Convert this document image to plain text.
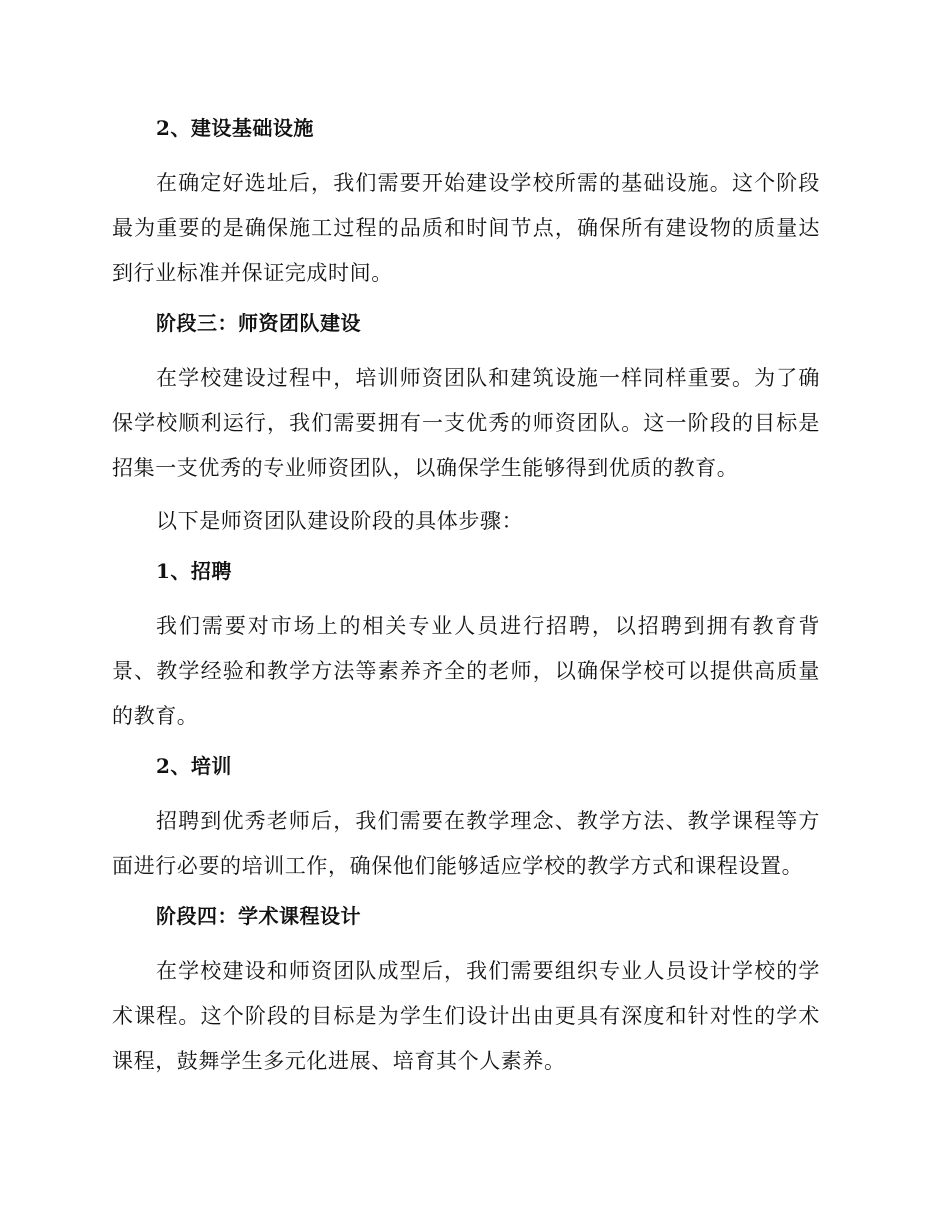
2、建设基础设施

在确定好选址后，我们需要开始建设学校所需的基础设施。这个阶段最为重要的是确保施工过程的品质和时间节点，确保所有建设物的质量达到行业标准并保证完成时间。

阶段三：师资团队建设

在学校建设过程中，培训师资团队和建筑设施一样同样重要。为了确保学校顺利运行，我们需要拥有一支优秀的师资团队。这一阶段的目标是招集一支优秀的专业师资团队，以确保学生能够得到优质的教育。

以下是师资团队建设阶段的具体步骤：

1、招聘

我们需要对市场上的相关专业人员进行招聘，以招聘到拥有教育背景、教学经验和教学方法等素养齐全的老师，以确保学校可以提供高质量的教育。

2、培训

招聘到优秀老师后，我们需要在教学理念、教学方法、教学课程等方面进行必要的培训工作，确保他们能够适应学校的教学方式和课程设置。

阶段四：学术课程设计

在学校建设和师资团队成型后，我们需要组织专业人员设计学校的学术课程。这个阶段的目标是为学生们设计出由更具有深度和针对性的学术课程，鼓舞学生多元化进展、培育其个人素养。
